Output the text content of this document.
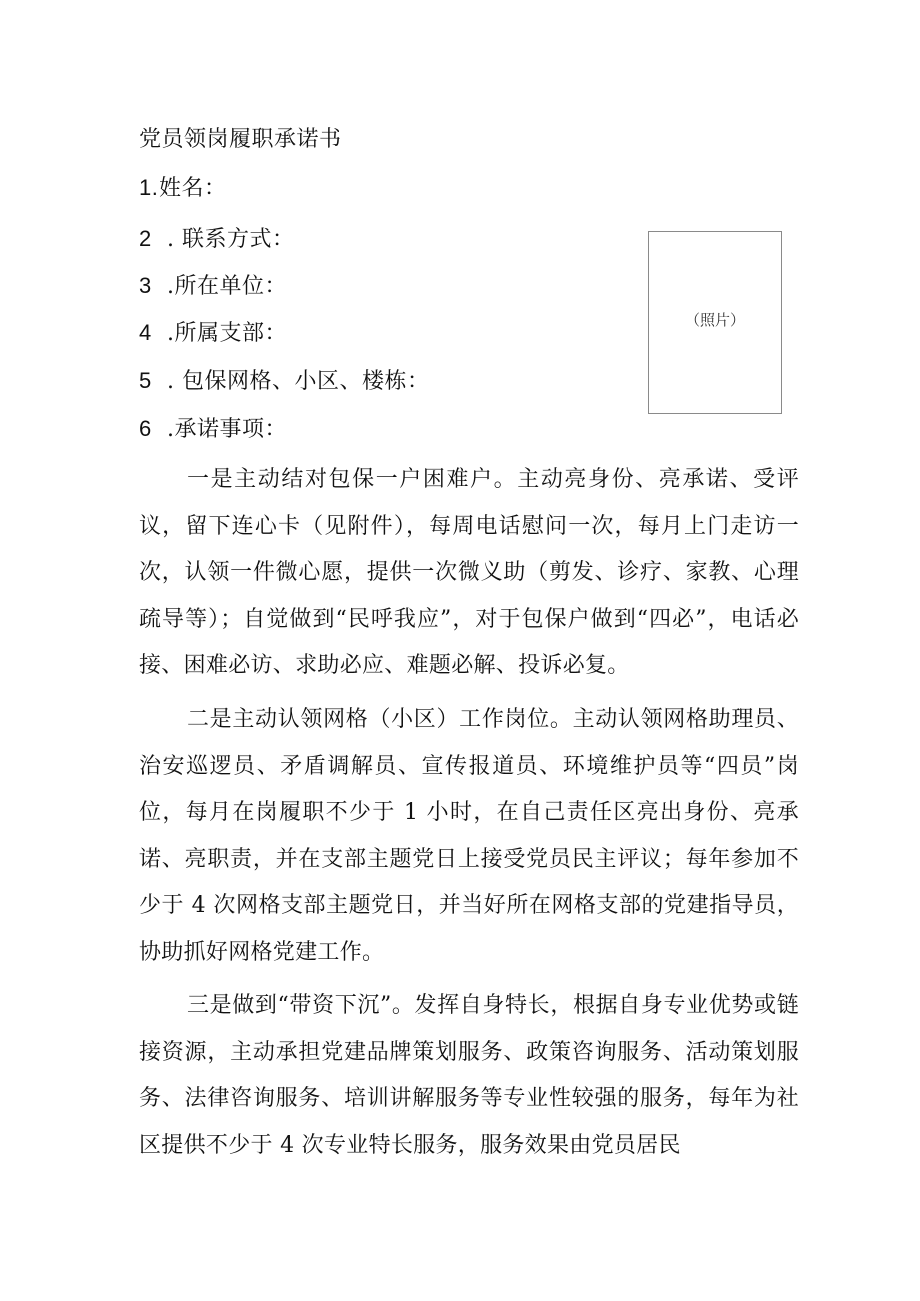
党员领岗履职承诺书
1.姓名：
2 . 联系方式：
3 .所在单位：
4 .所属支部：
5 . 包保网格、小区、楼栋：
6 .承诺事项：
（照片）

一是主动结对包保一户困难户。主动亮身份、亮承诺、受评议，留下连心卡（见附件），每周电话慰问一次，每月上门走访一次，认领一件微心愿，提供一次微义助（剪发、诊疗、家教、心理疏导等）；自觉做到“民呼我应”，对于包保户做到“四必”，电话必接、困难必访、求助必应、难题必解、投诉必复。

二是主动认领网格（小区）工作岗位。主动认领网格助理员、治安巡逻员、矛盾调解员、宣传报道员、环境维护员等“四员”岗位，每月在岗履职不少于 1 小时，在自己责任区亮出身份、亮承诺、亮职责，并在支部主题党日上接受党员民主评议；每年参加不少于 4 次网格支部主题党日，并当好所在网格支部的党建指导员，协助抓好网格党建工作。

三是做到“带资下沉”。发挥自身特长，根据自身专业优势或链接资源，主动承担党建品牌策划服务、政策咨询服务、活动策划服务、法律咨询服务、培训讲解服务等专业性较强的服务，每年为社区提供不少于 4 次专业特长服务，服务效果由党员居民
